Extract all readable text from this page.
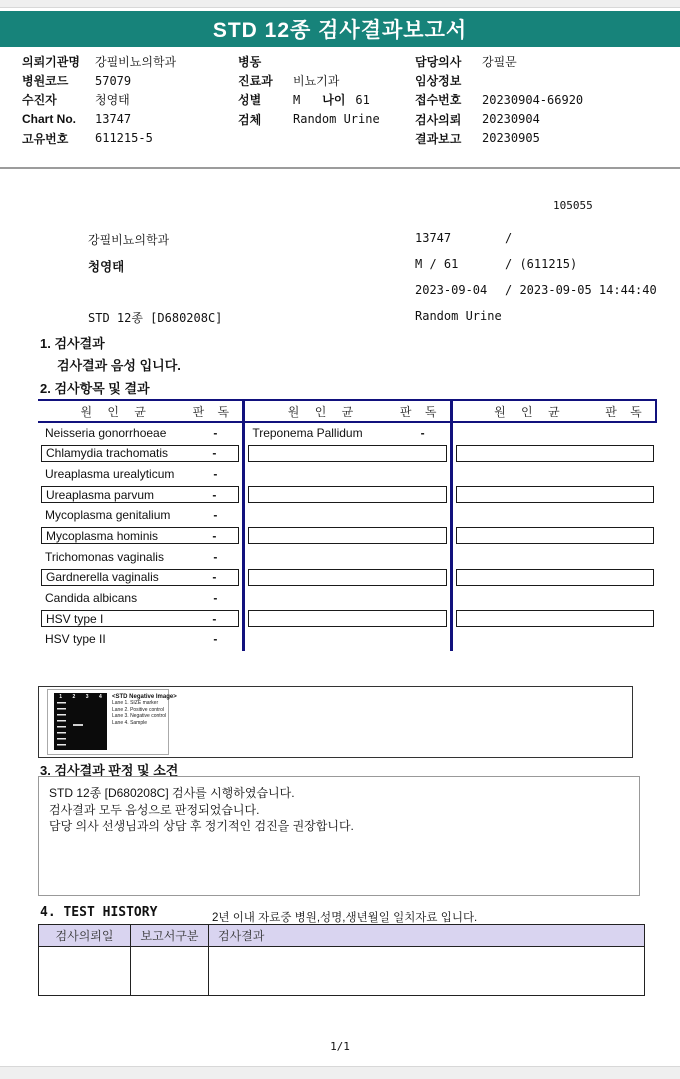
STD 12종 검사결과보고서
의뢰기관명	강필비뇨의학과
병원코드	57079
수진자	청영태
Chart No.	13747
고유번호	611215-5
병동
진료과	비뇨기과
성별	M 나이 61
검체	Random Urine
담당의사	강필문
임상정보
접수번호	20230904-66920
검사의뢰	20230904
결과보고	20230905
105055
강필비뇨의학과	13747	/
청영태	M / 61	/ (611215)
2023-09-04 / 2023-09-05 14:44:40
STD 12종 [D680208C]	Random Urine
1. 검사결과
검사결과 음성 입니다.
2. 검사항목 및 결과
원 인 균	판 독
Neisseria gonorrhoeae	-
Chlamydia trachomatis	-
Ureaplasma urealyticum	-
Ureaplasma parvum	-
Mycoplasma genitalium	-
Mycoplasma hominis	-
Trichomonas vaginalis	-
Gardnerella vaginalis	-
Candida albicans	-
HSV type I	-
HSV type II	-
원 인 균	판 독
Treponema Pallidum	-
원 인 균	판 독
1 2 3 4 <STD Negative Image>
Lane 1. SIZE marker
Lane 2. Positive control
Lane 3. Negative control
Lane 4. Sample
3. 검사결과 판정 및 소견
STD 12종 [D680208C] 검사를 시행하였습니다.
검사결과 모두 음성으로 판정되었습니다.
담당 의사 선생님과의 상담 후 정기적인 검진을 권장합니다.
4. TEST HISTORY	2년 이내 자료중 병원,성명,생년월일 일치자료 입니다.
검사의뢰일	보고서구분	검사결과
1/1
